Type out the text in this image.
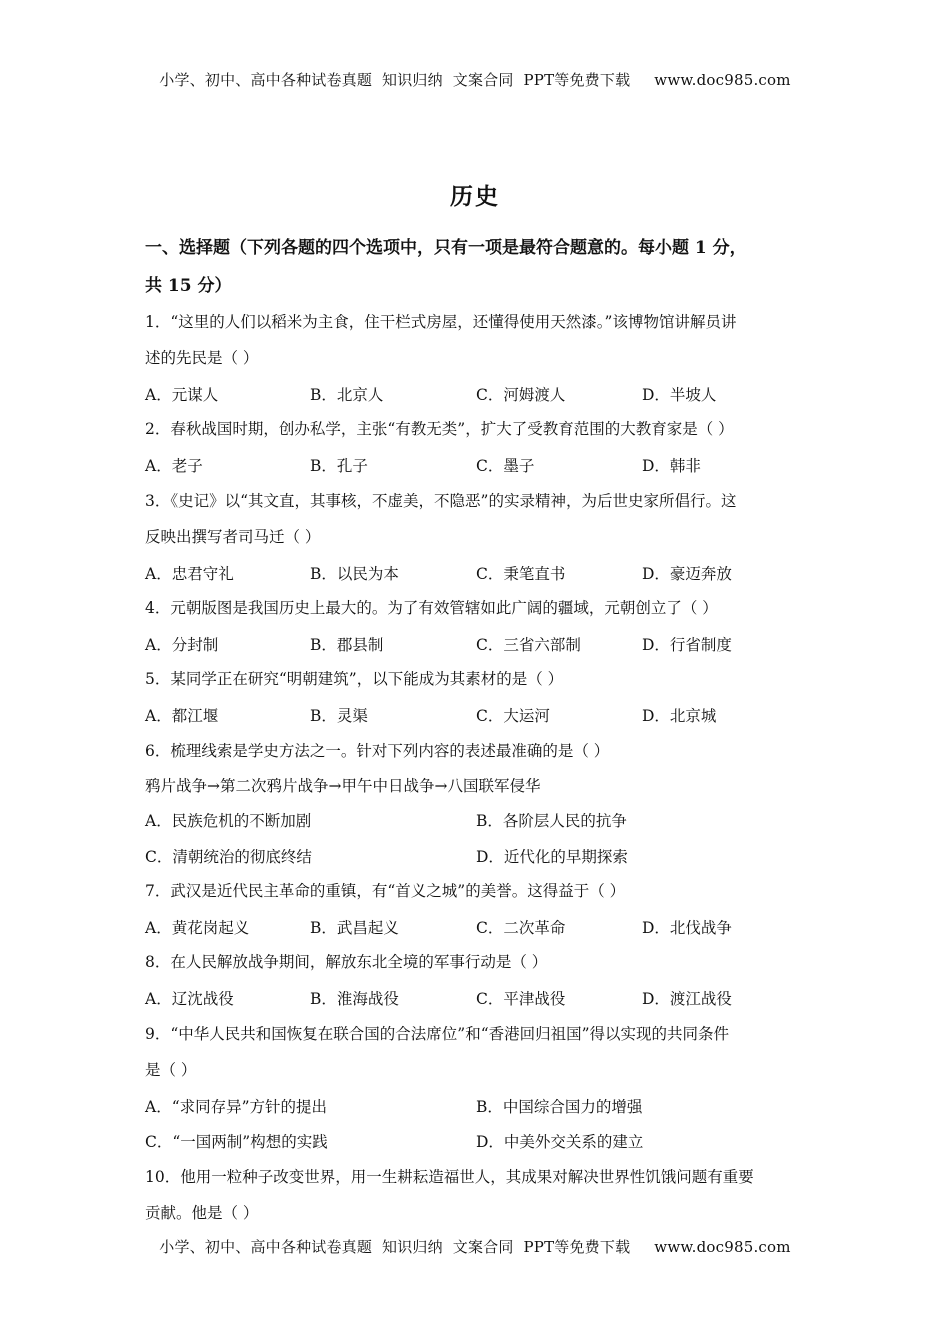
小学、初中、高中各种试卷真题  知识归纳  文案合同  PPT等免费下载 www.doc985.com
历史
一、选择题（下列各题的四个选项中，只有一项是最符合题意的。每小题 1 分，
共 15 分）
1．“这里的人们以稻米为主食，住干栏式房屋，还懂得使用天然漆。”该博物馆讲解员讲
述的先民是（ ）
A．元谋人	B．北京人	C．河姆渡人	D．半坡人
2．春秋战国时期，创办私学，主张“有教无类”，扩大了受教育范围的大教育家是（ ）
A．老子	B．孔子	C．墨子	D．韩非
3．《史记》以“其文直，其事核，不虚美，不隐恶”的实录精神，为后世史家所倡行。这
反映出撰写者司马迁（ ）
A．忠君守礼	B．以民为本	C．秉笔直书	D．豪迈奔放
4．元朝版图是我国历史上最大的。为了有效管辖如此广阔的疆域，元朝创立了（ ）
A．分封制	B．郡县制	C．三省六部制	D．行省制度
5．某同学正在研究“明朝建筑”，以下能成为其素材的是（ ）
A．都江堰	B．灵渠	C．大运河	D．北京城
6．梳理线索是学史方法之一。针对下列内容的表述最准确的是（ ）
鸦片战争→第二次鸦片战争→甲午中日战争→八国联军侵华
A．民族危机的不断加剧	B．各阶层人民的抗争
C．清朝统治的彻底终结	D．近代化的早期探索
7．武汉是近代民主革命的重镇，有“首义之城”的美誉。这得益于（ ）
A．黄花岗起义	B．武昌起义	C．二次革命	D．北伐战争
8．在人民解放战争期间，解放东北全境的军事行动是（ ）
A．辽沈战役	B．淮海战役	C．平津战役	D．渡江战役
9．“中华人民共和国恢复在联合国的合法席位”和“香港回归祖国”得以实现的共同条件
是（ ）
A．“求同存异”方针的提出	B．中国综合国力的增强
C．“一国两制”构想的实践	D．中美外交关系的建立
10．他用一粒种子改变世界，用一生耕耘造福世人，其成果对解决世界性饥饿问题有重要
贡献。他是（ ）
小学、初中、高中各种试卷真题  知识归纳  文案合同  PPT等免费下载 www.doc985.com
